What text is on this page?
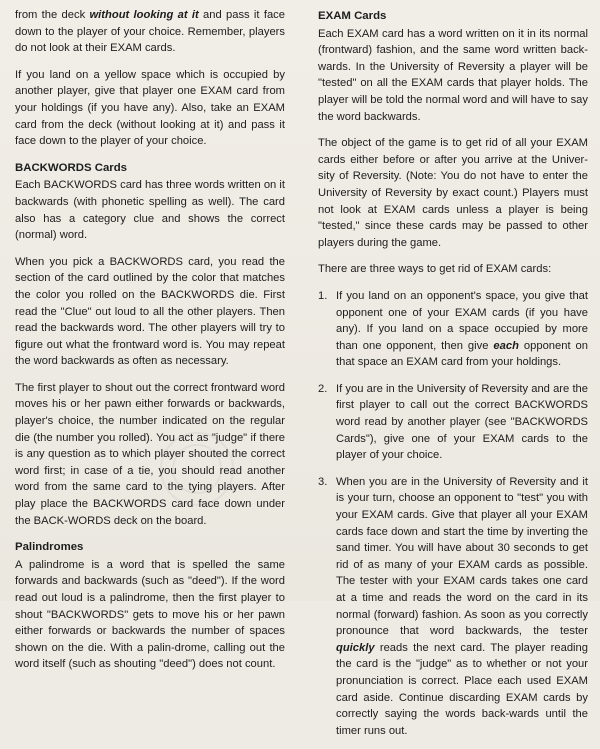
from the deck without looking at it and pass it face down to the player of your choice. Remember, players do not look at their EXAM cards.

If you land on a yellow space which is occupied by another player, give that player one EXAM card from your holdings (if you have any). Also, take an EXAM card from the deck (without looking at it) and pass it face down to the player of your choice.

BACKWORDS Cards

Each BACKWORDS card has three words written on it backwards (with phonetic spelling as well). The card also has a category clue and shows the correct (normal) word.

When you pick a BACKWORDS card, you read the section of the card outlined by the color that matches the color you rolled on the BACKWORDS die. First read the "Clue" out loud to all the other players. Then read the backwards word. The other players will try to figure out what the frontward word is. You may repeat the word backwards as often as necessary.

The first player to shout out the correct frontward word moves his or her pawn either forwards or backwards, player's choice, the number indicated on the regular die (the number you rolled). You act as "judge" if there is any question as to which player shouted the correct word first; in case of a tie, you should read another word from the same card to the tying players. After play place the BACKWORDS card face down under the BACK-WORDS deck on the board.

Palindromes

A palindrome is a word that is spelled the same forwards and backwards (such as "deed"). If the word read out loud is a palindrome, then the first player to shout "BACKWORDS" gets to move his or her pawn either forwards or backwards the number of spaces shown on the die. With a palin-drome, calling out the word itself (such as shouting "deed") does not count.

EXAM Cards

Each EXAM card has a word written on it in its normal (frontward) fashion, and the same word written back-wards. In the University of Reversity a player will be "tested" on all the EXAM cards that player holds. The player will be told the normal word and will have to say the word backwards.

The object of the game is to get rid of all your EXAM cards either before or after you arrive at the Univer-sity of Reversity. (Note: You do not have to enter the University of Reversity by exact count.) Players must not look at EXAM cards unless a player is being "tested," since these cards may be passed to other players during the game.

There are three ways to get rid of EXAM cards:

1. If you land on an opponent's space, you give that opponent one of your EXAM cards (if you have any). If you land on a space occupied by more than one opponent, then give each opponent on that space an EXAM card from your holdings.
2. If you are in the University of Reversity and are the first player to call out the correct BACKWORDS word read by another player (see "BACKWORDS Cards"), give one of your EXAM cards to the player of your choice.
3. When you are in the University of Reversity and it is your turn, choose an opponent to "test" you with your EXAM cards. Give that player all your EXAM cards face down and start the time by inverting the sand timer. You will have about 30 seconds to get rid of as many of your EXAM cards as possible. The tester with your EXAM cards takes one card at a time and reads the word on the card in its normal (forward) fashion. As soon as you correctly pronounce that word backwards, the tester quickly reads the next card. The player reading the card is the "judge" as to whether or not your pronunciation is correct. Place each used EXAM card aside. Continue discarding EXAM cards by correctly saying the words back-wards until the timer runs out.
